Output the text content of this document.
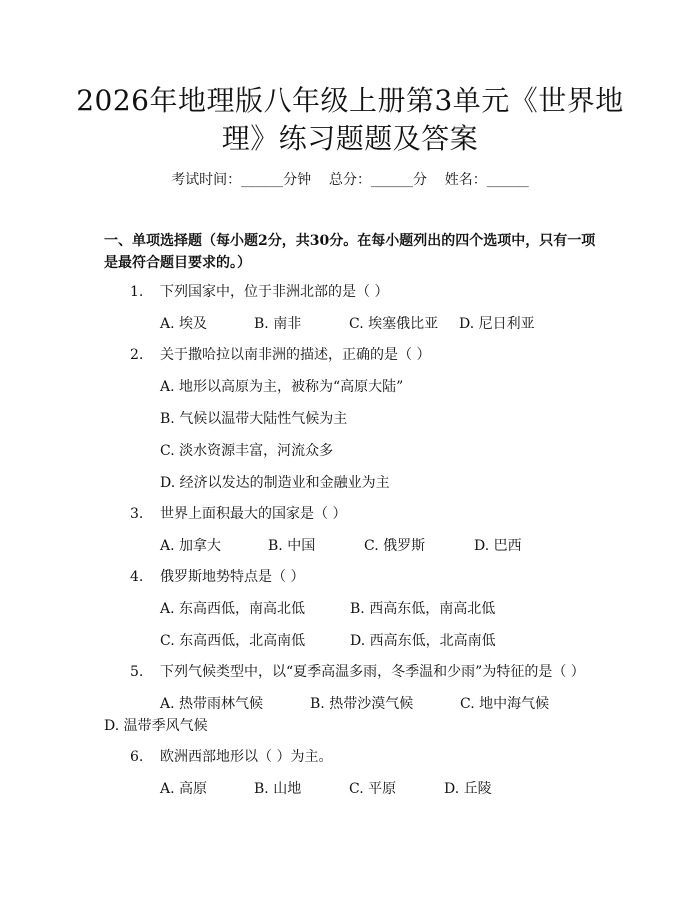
2026年地理版八年级上册第3单元《世界地
理》练习题题及答案
考试时间：______分钟    总分：______分    姓名：______
一、单项选择题（每小题2分，共30分。在每小题列出的四个选项中，只有一项
是最符合题目要求的。）
1. 下列国家中，位于非洲北部的是（ ）
A. 埃及	B. 南非	C. 埃塞俄比亚 D. 尼日利亚
2. 关于撒哈拉以南非洲的描述，正确的是（ ）
A. 地形以高原为主，被称为“高原大陆”
B. 气候以温带大陆性气候为主
C. 淡水资源丰富，河流众多
D. 经济以发达的制造业和金融业为主
3. 世界上面积最大的国家是（ ）
A. 加拿大	B. 中国	C. 俄罗斯	D. 巴西
4. 俄罗斯地势特点是（ ）
A. 东高西低，南高北低	B. 西高东低，南高北低
C. 东高西低，北高南低	D. 西高东低，北高南低
5. 下列气候类型中，以“夏季高温多雨，冬季温和少雨”为特征的是（ ）
A. 热带雨林气候	B. 热带沙漠气候	C. 地中海气候
D. 温带季风气候
6. 欧洲西部地形以（ ）为主。
A. 高原	B. 山地	C. 平原	D. 丘陵
